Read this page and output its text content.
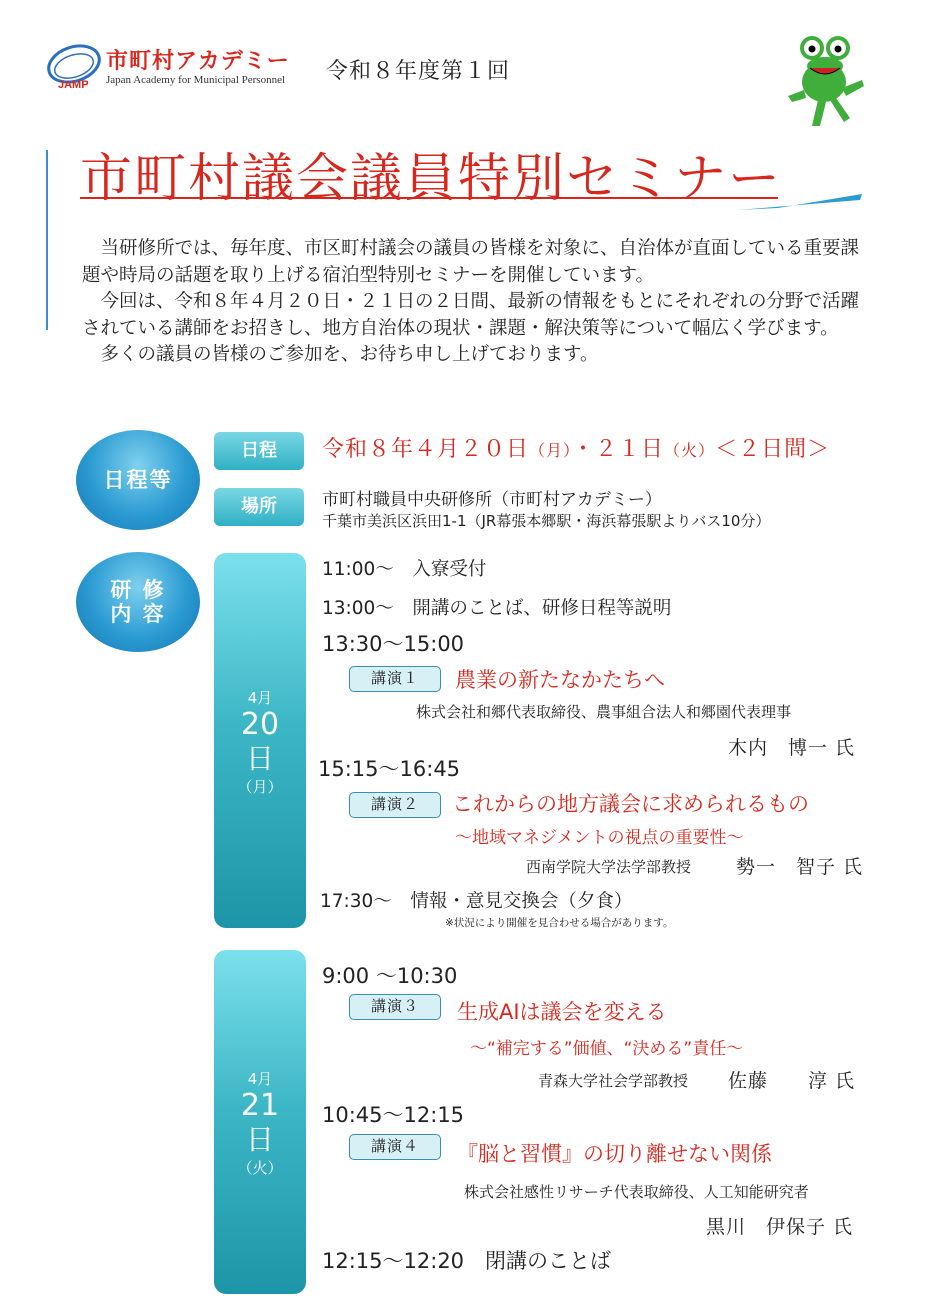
JAMP
市町村アカデミー
Japan Academy for Municipal Personnel 令和８年度第１回
市町村議会議員特別セミナー

当研修所では、毎年度、市区町村議会の議員の皆様を対象に、自治体が直面している重要課題や時局の話題を取り上げる宿泊型特別セミナーを開催しています。

今回は、令和８年４月２０日・２１日の２日間、最新の情報をもとにそれぞれの分野で活躍されている講師をお招きし、地方自治体の現状・課題・解決策等について幅広く学びます。

多くの議員の皆様のご参加を、お待ち申し上げております。

日程等
日程	令和８年４月２０日（月）・２１日（火）＜２日間＞
場所	市町村職員中央研修所（市町村アカデミー）
千葉市美浜区浜田1-1（JR幕張本郷駅・海浜幕張駅よりバス10分）
研 修
内 容
4月
20
日
（月）
11:00～　入寮受付
13:00～　開講のことば、研修日程等説明
13:30～15:00
講演１	農業の新たなかたちへ
株式会社和郷代表取締役、農事組合法人和郷園代表理事
木内　博一 氏
15:15～16:45
講演２	これからの地方議会に求められるもの
～地域マネジメントの視点の重要性～
西南学院大学法学部教授 勢一　智子 氏
17:30～　情報・意見交換会（夕食）
※状況により開催を見合わせる場合があります。
4月
21
日
（火）
9:00 ～10:30
講演３	生成AIは議会を変える
～“補完する”価値、“決める”責任～
青森大学社会学部教授 佐藤　　淳 氏
10:45～12:15
講演４	『脳と習慣』の切り離せない関係
株式会社感性リサーチ代表取締役、人工知能研究者
黒川　伊保子 氏
12:15～12:20　閉講のことば
